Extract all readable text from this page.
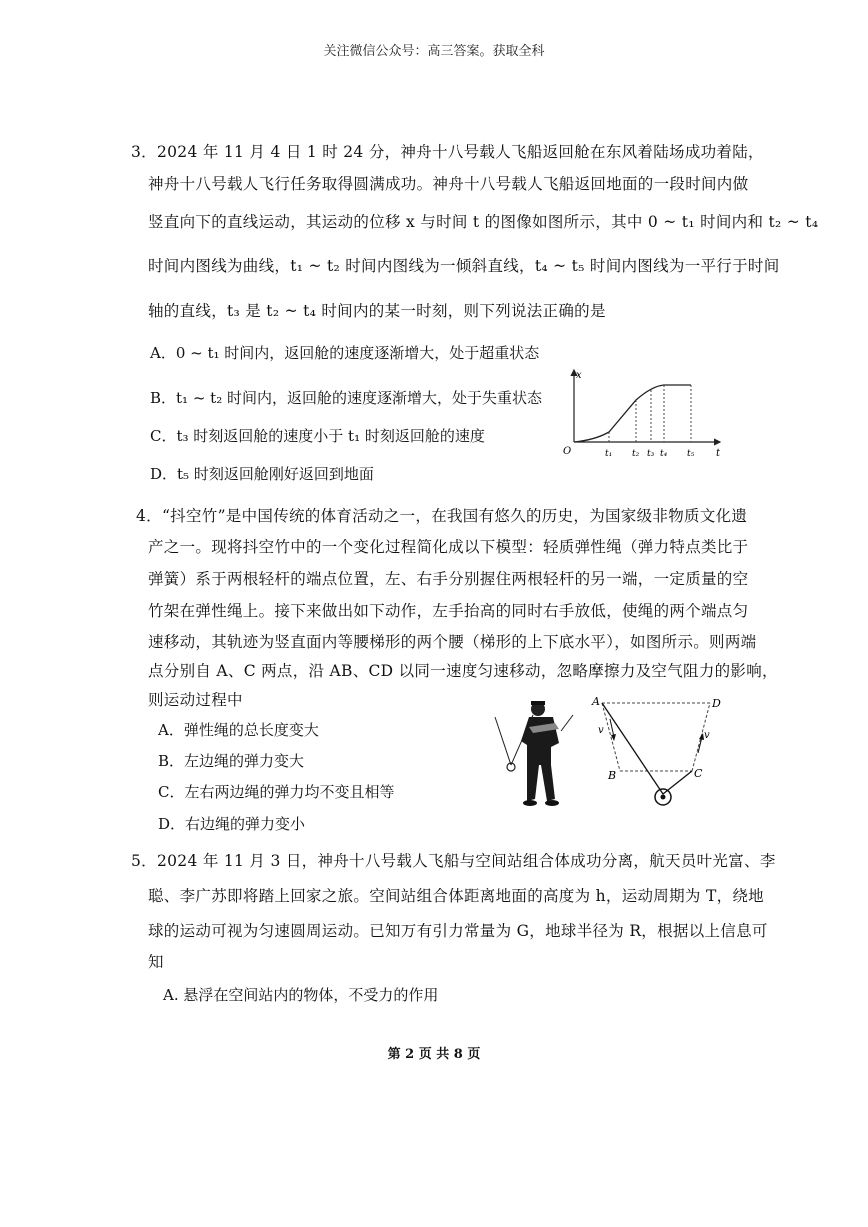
关注微信公众号：高三答案。获取全科
3．2024 年 11 月 4 日 1 时 24 分，神舟十八号载人飞船返回舱在东风着陆场成功着陆，
神舟十八号载人飞行任务取得圆满成功。神舟十八号载人飞船返回地面的一段时间内做
竖直向下的直线运动，其运动的位移 x 与时间 t 的图像如图所示，其中 0 ~ t₁ 时间内和 t₂ ~ t₄
时间内图线为曲线，t₁ ~ t₂ 时间内图线为一倾斜直线，t₄ ~ t₅ 时间内图线为一平行于时间
轴的直线，t₃ 是 t₂ ~ t₄ 时间内的某一时刻，则下列说法正确的是
A．0 ~ t₁ 时间内，返回舱的速度逐渐增大，处于超重状态
B．t₁ ~ t₂ 时间内，返回舱的速度逐渐增大，处于失重状态
C．t₃ 时刻返回舱的速度小于 t₁ 时刻返回舱的速度
D．t₅ 时刻返回舱刚好返回到地面
x
t
O	t₁ t₂ t₃ t₄ t₅
4．“抖空竹”是中国传统的体育活动之一，在我国有悠久的历史，为国家级非物质文化遗
产之一。现将抖空竹中的一个变化过程简化成以下模型：轻质弹性绳（弹力特点类比于
弹簧）系于两根轻杆的端点位置，左、右手分别握住两根轻杆的另一端，一定质量的空
竹架在弹性绳上。接下来做出如下动作，左手抬高的同时右手放低，使绳的两个端点匀
速移动，其轨迹为竖直面内等腰梯形的两个腰（梯形的上下底水平），如图所示。则两端
点分别自 A、C 两点，沿 AB、CD 以同一速度匀速移动，忽略摩擦力及空气阻力的影响，
则运动过程中
A．弹性绳的总长度变大
B．左边绳的弹力变大
C．左右两边绳的弹力均不变且相等
D．右边绳的弹力变小
A
B	C
D
v	v
5．2024 年 11 月 3 日，神舟十八号载人飞船与空间站组合体成功分离，航天员叶光富、李
聪、李广苏即将踏上回家之旅。空间站组合体距离地面的高度为 h，运动周期为 T，绕地
球的运动可视为匀速圆周运动。已知万有引力常量为 G，地球半径为 R，根据以上信息可
知
A. 悬浮在空间站内的物体，不受力的作用
第 2 页 共 8 页
